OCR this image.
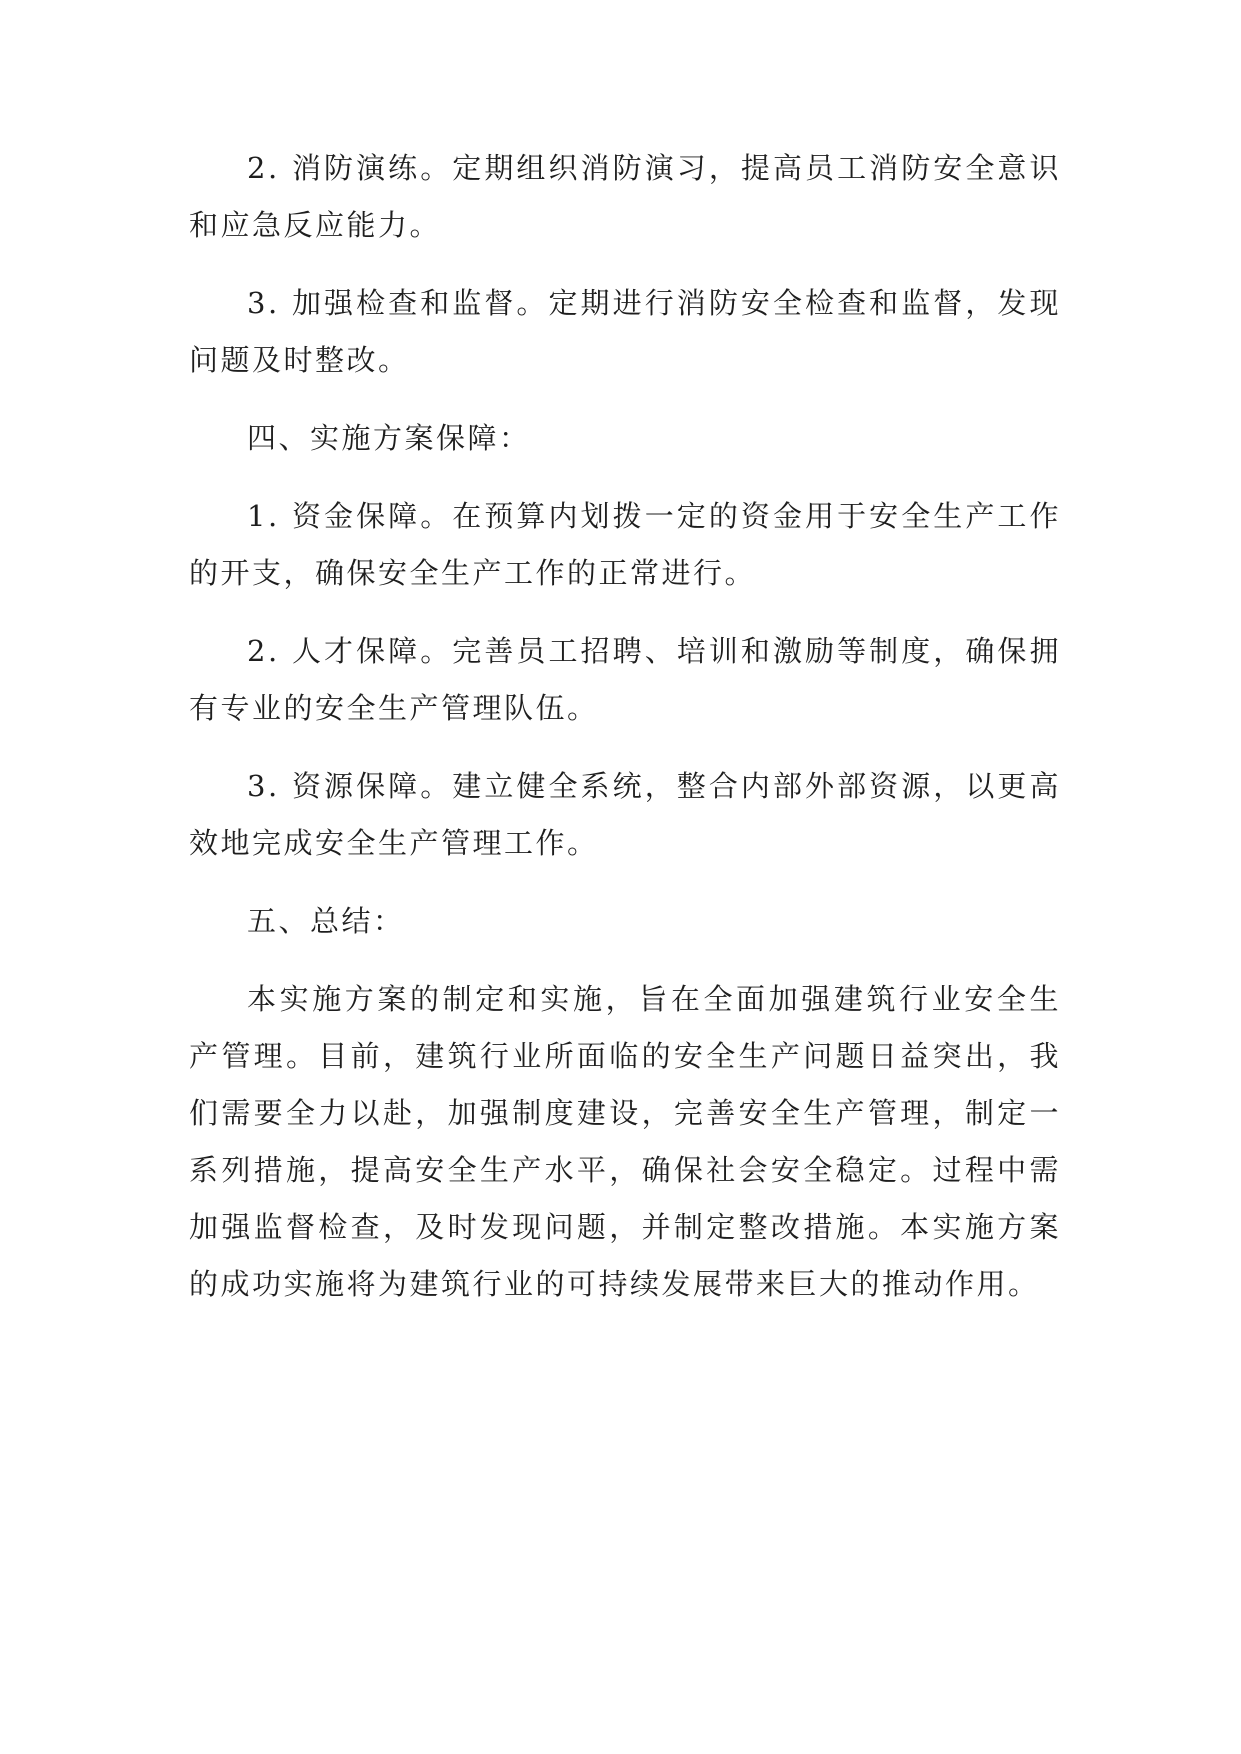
2. 消防演练。定期组织消防演习，提高员工消防安全意识和应急反应能力。

3. 加强检查和监督。定期进行消防安全检查和监督，发现问题及时整改。

四、实施方案保障：

1. 资金保障。在预算内划拨一定的资金用于安全生产工作的开支，确保安全生产工作的正常进行。

2. 人才保障。完善员工招聘、培训和激励等制度，确保拥有专业的安全生产管理队伍。

3. 资源保障。建立健全系统，整合内部外部资源，以更高效地完成安全生产管理工作。

五、总结：

本实施方案的制定和实施，旨在全面加强建筑行业安全生产管理。目前，建筑行业所面临的安全生产问题日益突出，我们需要全力以赴，加强制度建设，完善安全生产管理，制定一系列措施，提高安全生产水平，确保社会安全稳定。过程中需加强监督检查，及时发现问题，并制定整改措施。本实施方案的成功实施将为建筑行业的可持续发展带来巨大的推动作用。
